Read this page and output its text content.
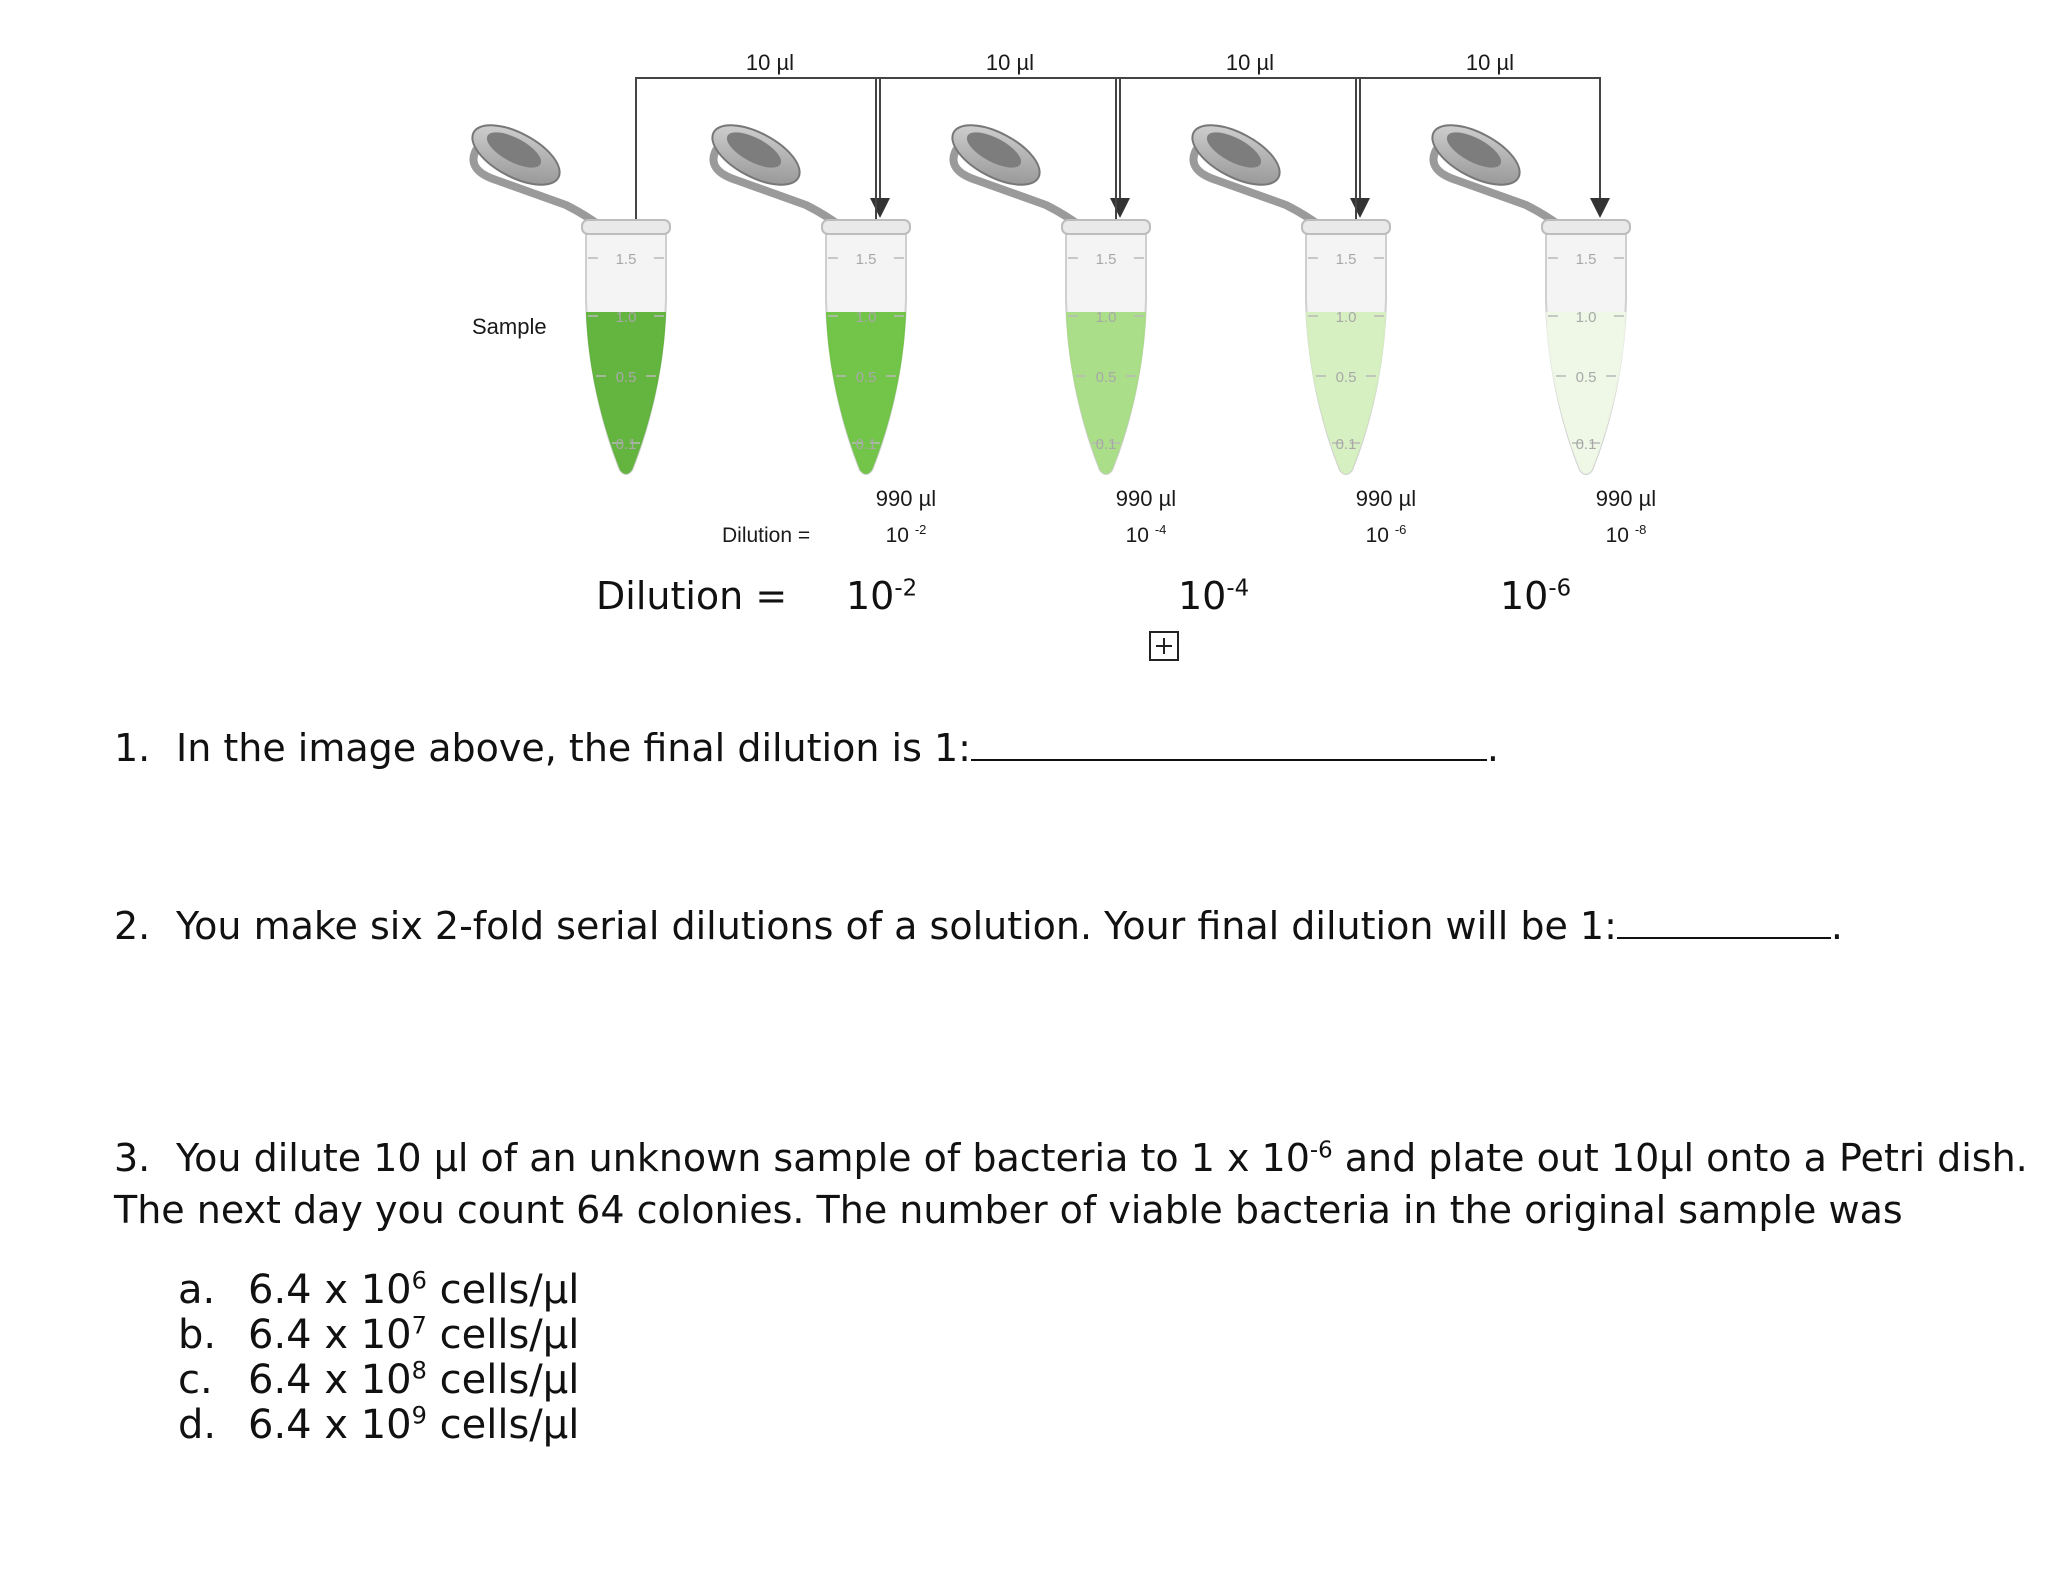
10 µl	10 µl	10 µl	10 µl
1.5
1.0
0.5
0.1
1.5
1.0
0.5
0.1
990 µl
10 $^{-2}$
1.5
1.0
0.5
0.1
990 µl
10 $^{-4}$
1.5
1.0
0.5
0.1
990 µl
10 $^{-6}$
1.5
1.0
0.5
0.1
990 µl
10 $^{-8}$
Sample
Dilution =
Dilution = $10^{-2}$	$10^{-4}$	$10^{-6}$
1. In the image above, the final dilution is 1:	.
2. You make six 2-fold serial dilutions of a solution. Your final dilution will be 1:	.
3. You dilute 10 µl of an unknown sample of bacteria to 1 x $10^{-6}$ and plate out 10µl onto a Petri dish.
The next day you count 64 colonies. The number of viable bacteria in the original sample was
a. 6.4 x $10^6$ cells/µl
b. 6.4 x $10^7$ cells/µl
c. 6.4 x $10^8$ cells/µl
d. 6.4 x $10^9$ cells/µl
